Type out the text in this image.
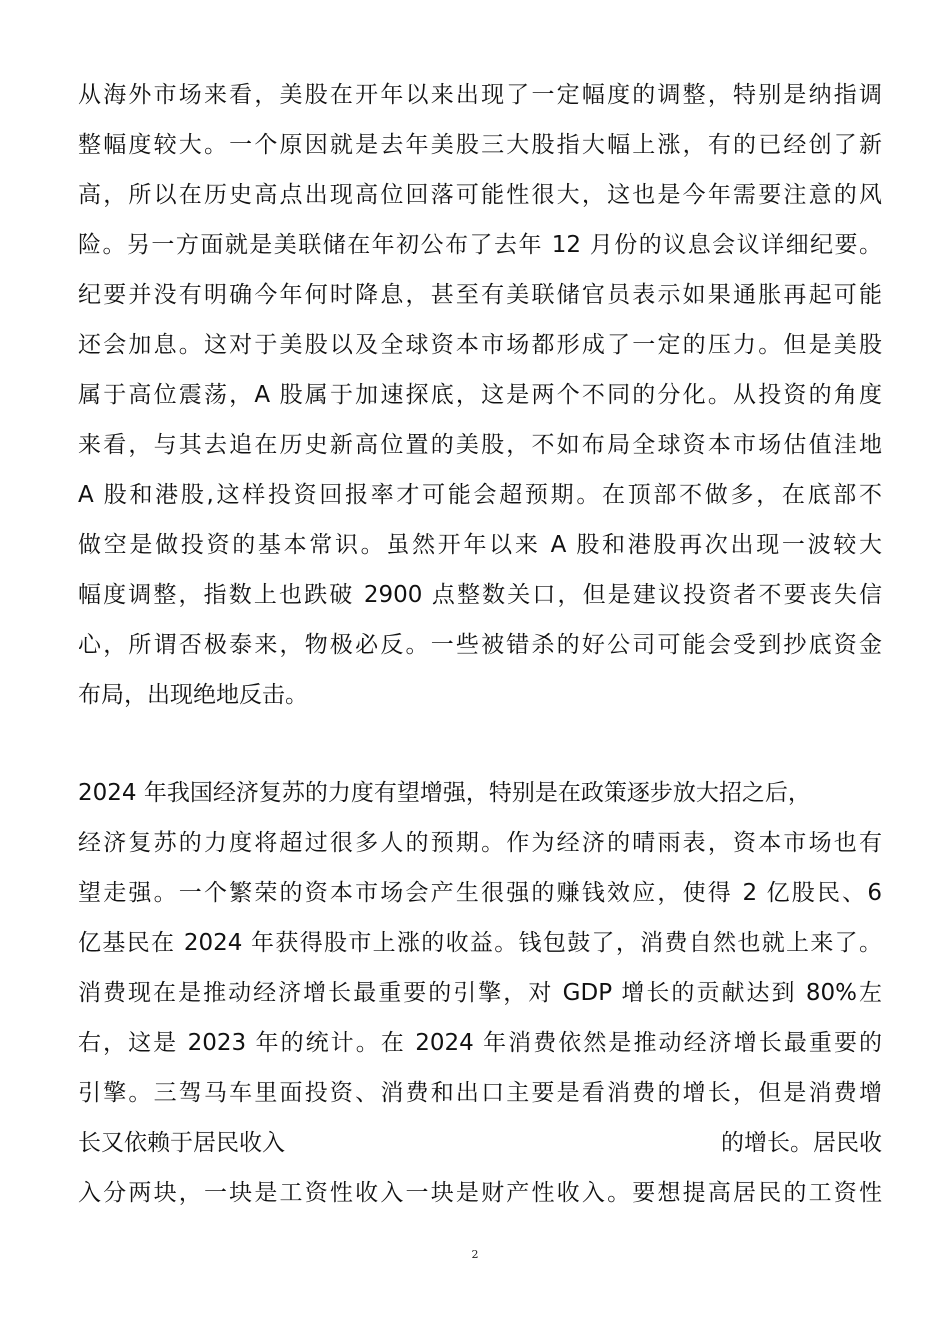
从海外市场来看，美股在开年以来出现了一定幅度的调整，特别是纳指调
整幅度较大。一个原因就是去年美股三大股指大幅上涨，有的已经创了新
高，所以在历史高点出现高位回落可能性很大，这也是今年需要注意的风
险。另一方面就是美联储在年初公布了去年 12 月份的议息会议详细纪要。
纪要并没有明确今年何时降息，甚至有美联储官员表示如果通胀再起可能
还会加息。这对于美股以及全球资本市场都形成了一定的压力。但是美股
属于高位震荡，A 股属于加速探底，这是两个不同的分化。从投资的角度
来看，与其去追在历史新高位置的美股，不如布局全球资本市场估值洼地
A 股和港股,这样投资回报率才可能会超预期。在顶部不做多，在底部不
做空是做投资的基本常识。虽然开年以来 A 股和港股再次出现一波较大
幅度调整，指数上也跌破 2900 点整数关口，但是建议投资者不要丧失信
心，所谓否极泰来，物极必反。一些被错杀的好公司可能会受到抄底资金
布局，出现绝地反击。
2024 年我国经济复苏的力度有望增强，特别是在政策逐步放大招之后，
经济复苏的力度将超过很多人的预期。作为经济的晴雨表，资本市场也有
望走强。一个繁荣的资本市场会产生很强的赚钱效应，使得 2 亿股民、6
亿基民在 2024 年获得股市上涨的收益。钱包鼓了，消费自然也就上来了。
消费现在是推动经济增长最重要的引擎，对 GDP 增长的贡献达到 80%左
右，这是 2023 年的统计。在 2024 年消费依然是推动经济增长最重要的
引擎。三驾马车里面投资、消费和出口主要是看消费的增长，但是消费增
长又依赖于居民收入	的增长。居民收
入分两块，一块是工资性收入一块是财产性收入。要想提高居民的工资性
2
